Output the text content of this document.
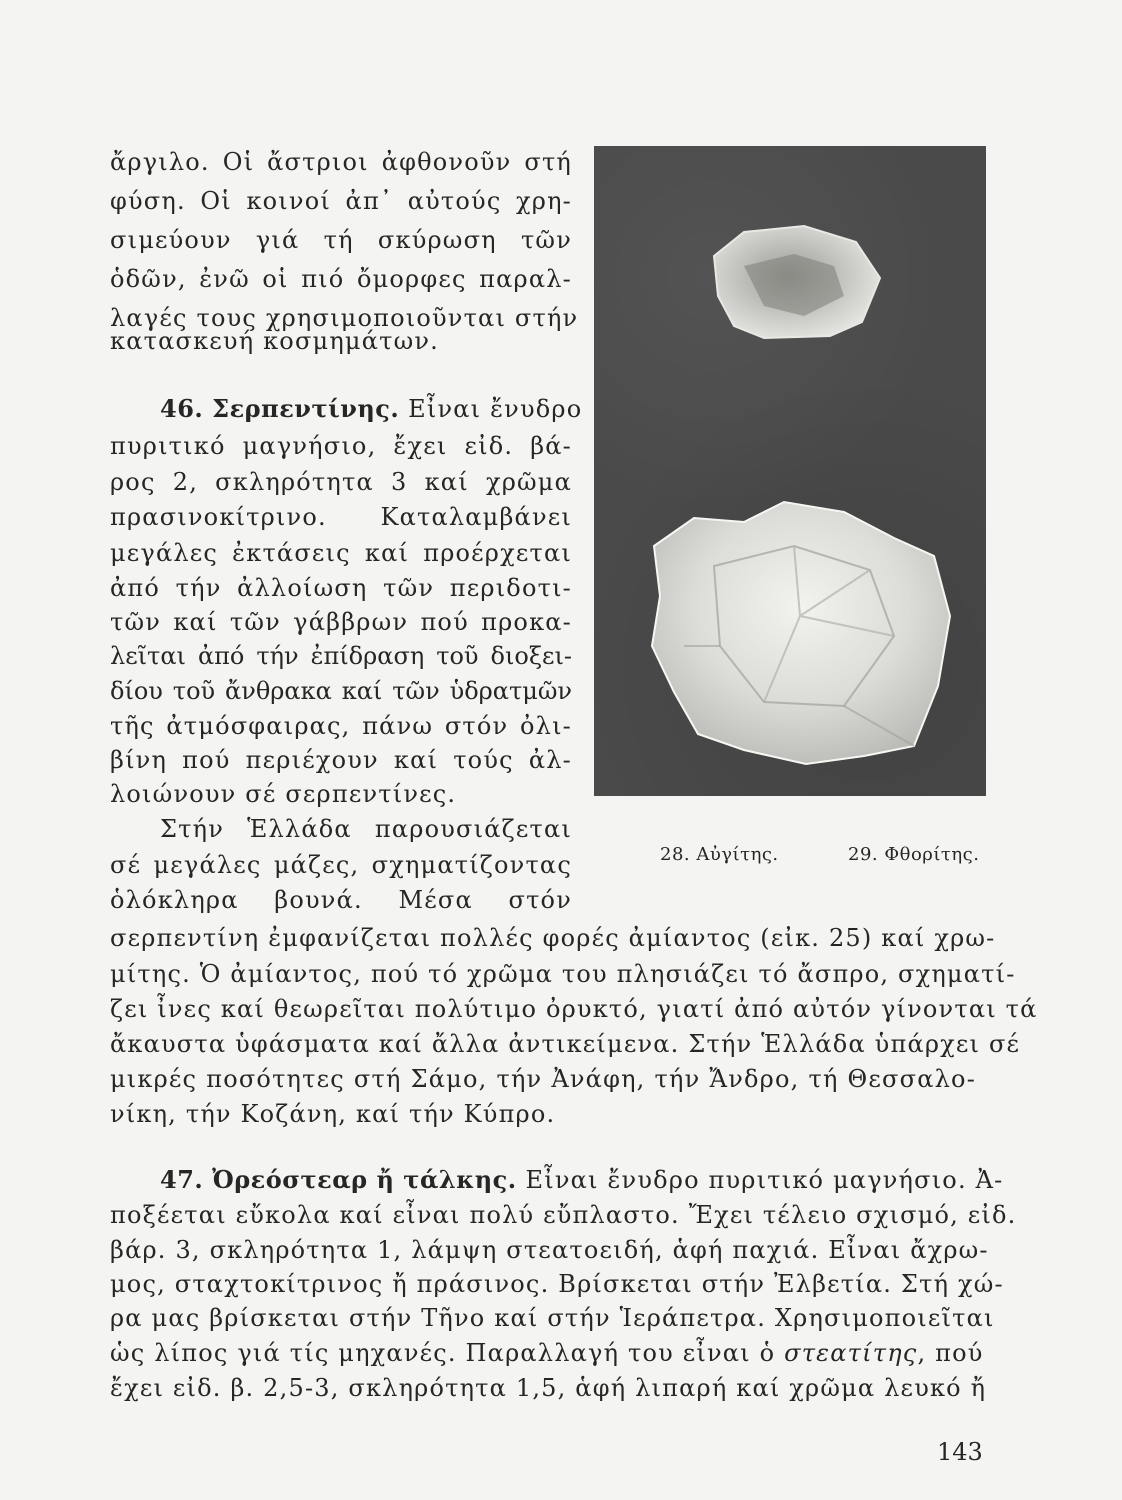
ἄργιλο. Οἱ ἄστριοι ἀφθονοῦν στή
φύση. Οἱ κοινοί ἀπ᾿ αὐτούς χρη-
σιμεύουν γιά τή σκύρωση τῶν
ὁδῶν, ἐνῶ οἱ πιό ὄμορφες παραλ-
λαγές τους χρησιμοποιοῦνται στήν
κατασκευή κοσμημάτων.
46. Σερπεντίνης. Εἶναι ἔνυδρο
πυριτικό μαγνήσιο, ἔχει εἰδ. βά-
ρος 2, σκληρότητα 3 καί χρῶμα
πρασινοκίτρινο. Καταλαμβάνει
μεγάλες ἐκτάσεις καί προέρχεται
ἀπό τήν ἀλλοίωση τῶν περιδοτι-
τῶν καί τῶν γάββρων πού προκα-
λεῖται ἀπό τήν ἐπίδραση τοῦ διοξει-
δίου τοῦ ἄνθρακα καί τῶν ὑδρατμῶν
τῆς ἀτμόσφαιρας, πάνω στόν ὀλι-
βίνη πού περιέχουν καί τούς ἀλ-
λοιώνουν σέ σερπεντίνες.
Στήν Ἑλλάδα παρουσιάζεται
σέ μεγάλες μάζες, σχηματίζοντας
ὁλόκληρα βουνά. Μέσα στόν
σερπεντίνη ἐμφανίζεται πολλές φορές ἀμίαντος (εἰκ. 25) καί χρω-
μίτης. Ὁ ἀμίαντος, πού τό χρῶμα του πλησιάζει τό ἄσπρο, σχηματί-
ζει ἶνες καί θεωρεῖται πολύτιμο ὀρυκτό, γιατί ἀπό αὐτόν γίνονται τά
ἄκαυστα ὑφάσματα καί ἄλλα ἀντικείμενα. Στήν Ἑλλάδα ὑπάρχει σέ
μικρές ποσότητες στή Σάμο, τήν Ἀνάφη, τήν Ἄνδρο, τή Θεσσαλο-
νίκη, τήν Κοζάνη, καί τήν Κύπρο.
47. Ὀρεόστεαρ ἤ τάλκης. Εἶναι ἔνυδρο πυριτικό μαγνήσιο. Ἀ-
ποξέεται εὔκολα καί εἶναι πολύ εὔπλαστο. Ἔχει τέλειο σχισμό, εἰδ.
βάρ. 3, σκληρότητα 1, λάμψη στεατοειδή, ἁφή παχιά. Εἶναι ἄχρω-
μος, σταχτοκίτρινος ἤ πράσινος. Βρίσκεται στήν Ἐλβετία. Στή χώ-
ρα μας βρίσκεται στήν Τῆνο καί στήν Ἱεράπετρα. Χρησιμοποιεῖται
ὡς λίπος γιά τίς μηχανές. Παραλλαγή του εἶναι ὁ στεατίτης, πού
ἔχει εἰδ. β. 2,5-3, σκληρότητα 1,5, ἁφή λιπαρή καί χρῶμα λευκό ἤ
28. Αὐγίτης.	29. Φθορίτης.
143
